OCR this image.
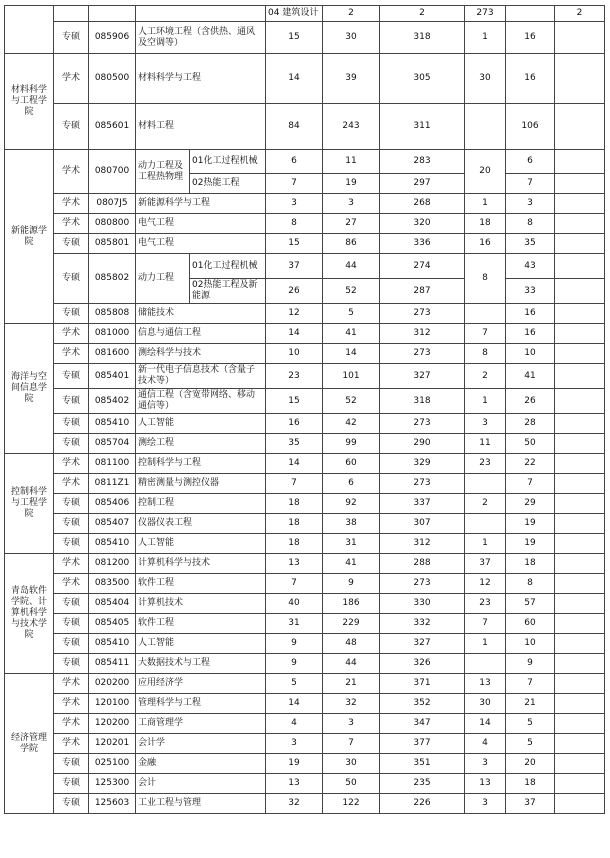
					04 建筑设计	2	2	273		2	
	专硕	085906	人工环境工程（含供热、通风及空调等）		15	30	318	1	16		
材料科学与工程学院	学术	080500	材料科学与工程		14	39	305	30	16		
	专硕	085601	材料工程		84	243	311		106		
新能源学院	学术	080700	动力工程及工程热物理	01化工过程机械	6	11	283	20	6		
				02热能工程	7	19	297		7		
	学术	0807J5	新能源科学与工程		3	3	268	1	3		
	学术	080800	电气工程		8	27	320	18	8		
	专硕	085801	电气工程		15	86	336	16	35		
	专硕	085802	动力工程	01化工过程机械	37	44	274	8	43		
				02热能工程及新能源	26	52	287		33		
	专硕	085808	储能技术		12	5	273		16		
海洋与空间信息学院	学术	081000	信息与通信工程		14	41	312	7	16		
	学术	081600	测绘科学与技术		10	14	273	8	10		
	专硕	085401	新一代电子信息技术（含量子技术等）		23	101	327	2	41		
	专硕	085402	通信工程（含宽带网络、移动通信等）		15	52	318	1	26		
	专硕	085410	人工智能		16	42	273	3	28		
	专硕	085704	测绘工程		35	99	290	11	50		
控制科学与工程学院	学术	081100	控制科学与工程		14	60	329	23	22		
	学术	0811Z1	精密测量与测控仪器		7	6	273		7		
	专硕	085406	控制工程		18	92	337	2	29		
	专硕	085407	仪器仪表工程		18	38	307		19		
	专硕	085410	人工智能		18	31	312	1	19		
青岛软件学院、计算机科学与技术学院	学术	081200	计算机科学与技术		13	41	288	37	18		
	学术	083500	软件工程		7	9	273	12	8		
	专硕	085404	计算机技术		40	186	330	23	57		
	专硕	085405	软件工程		31	229	332	7	60		
	专硕	085410	人工智能		9	48	327	1	10		
	专硕	085411	大数据技术与工程		9	44	326		9		
经济管理学院	学术	020200	应用经济学		5	21	371	13	7		
	学术	120100	管理科学与工程		14	32	352	30	21		
	学术	120200	工商管理学		4	3	347	14	5		
	学术	120201	会计学		3	7	377	4	5		
	专硕	025100	金融		19	30	351	3	20		
	专硕	125300	会计		13	50	235	13	18		
	专硕	125603	工业工程与管理		32	122	226	3	37		
